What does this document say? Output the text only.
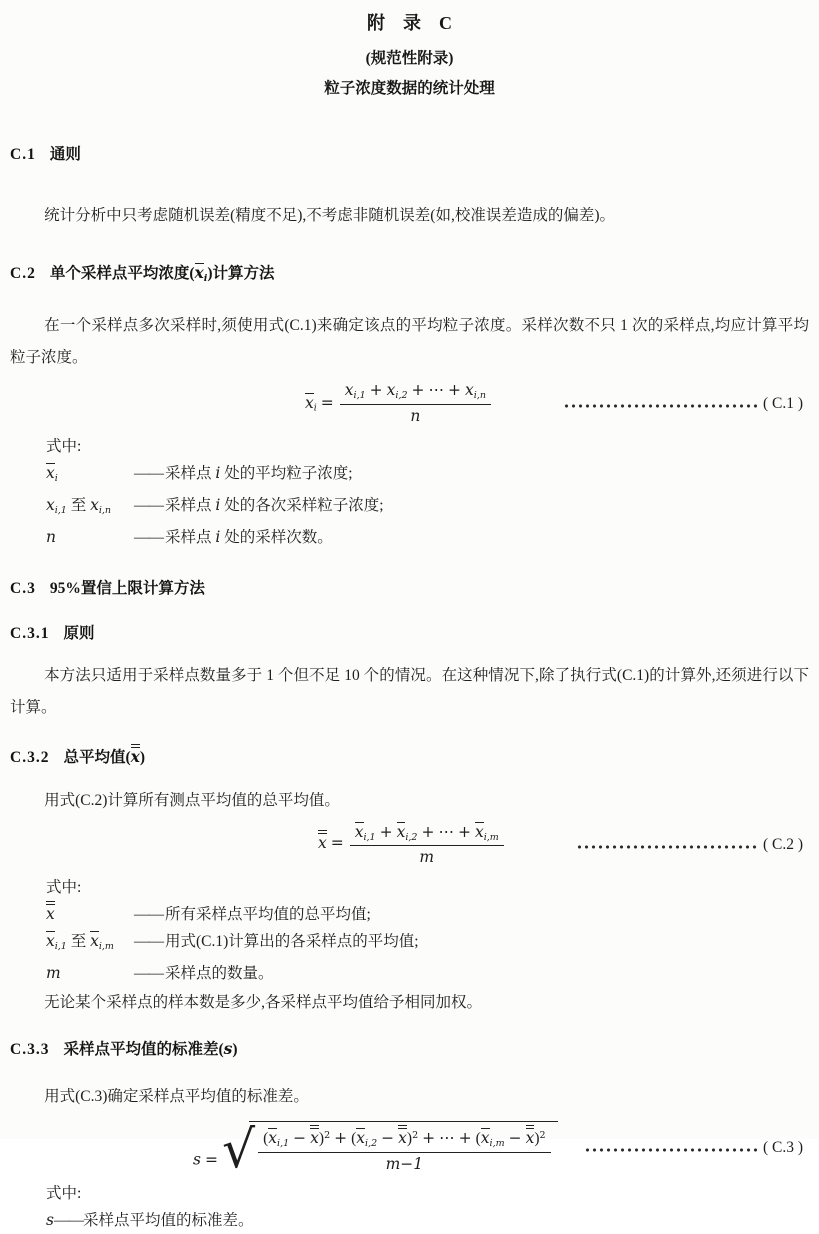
附　录　C
(规范性附录)
粒子浓度数据的统计处理
C.1 通则

统计分析中只考虑随机误差(精度不足),不考虑非随机误差(如,校准误差造成的偏差)。

C.2 单个采样点平均浓度$(x_i)$计算方法

在一个采样点多次采样时,须使用式(C.1)来确定该点的平均粒子浓度。采样次数不只 1 次的采样点,均应计算平均粒子浓度。

$x_i = \frac{x_{i,1} + x_{i,2} + \cdots + x_{i,n}}{n}$	( C.1 )
式中:
$x_i$	—— 采样点 i 处的平均粒子浓度;
$x_{i,1}$ 至 $x_{i,n}$	—— 采样点 i 处的各次采样粒子浓度;
n	—— 采样点 i 处的采样次数。
C.3 95%置信上限计算方法
C.3.1 原则

本方法只适用于采样点数量多于 1 个但不足 10 个的情况。在这种情况下,除了执行式(C.1)的计算外,还须进行以下计算。

C.3.2 总平均值(x)

用式(C.2)计算所有测点平均值的总平均值。

$x = \frac{x_{i,1} + x_{i,2} + \cdots + x_{i,m}}{m}$	( C.2 )
式中:
x	—— 所有采样点平均值的总平均值;
$x_{i,1}$ 至 $x_{i,m}$	—— 用式(C.1)计算出的各采样点的平均值;
m	—— 采样点的数量。

无论某个采样点的样本数是多少,各采样点平均值给予相同加权。

C.3.3 采样点平均值的标准差(s)

用式(C.3)确定采样点平均值的标准差。

s = √ $\frac{(x_{i,1} - x)^2 + (x_{i,2} - x)^2 + \cdots + (x_{i,m} - x)^2}{m-1}$	( C.3 )
式中:
s——采样点平均值的标准差。
